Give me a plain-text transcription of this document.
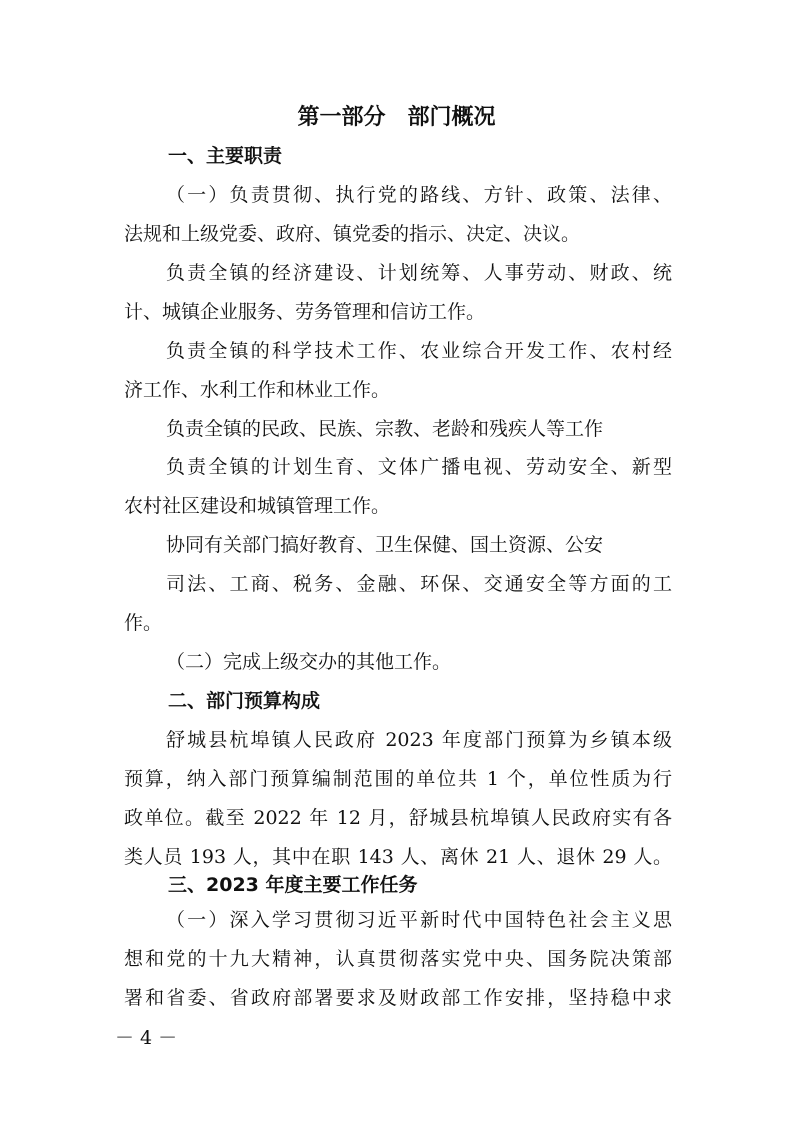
第一部分　部门概况
一、主要职责
（一）负责贯彻、执行党的路线、方针、政策、法律、
法规和上级党委、政府、镇党委的指示、决定、决议。
负责全镇的经济建设、计划统筹、人事劳动、财政、统
计、城镇企业服务、劳务管理和信访工作。
负责全镇的科学技术工作、农业综合开发工作、农村经
济工作、水利工作和林业工作。
负责全镇的民政、民族、宗教、老龄和残疾人等工作
负责全镇的计划生育、文体广播电视、劳动安全、新型
农村社区建设和城镇管理工作。
协同有关部门搞好教育、卫生保健、国土资源、公安
司法、工商、税务、金融、环保、交通安全等方面的工
作。
（二）完成上级交办的其他工作。
二、部门预算构成
舒城县杭埠镇人民政府 2023 年度部门预算为乡镇本级
预算，纳入部门预算编制范围的单位共 1 个，单位性质为行
政单位。截至 2022 年 12 月，舒城县杭埠镇人民政府实有各
类人员 193 人，其中在职 143 人、离休 21 人、退休 29 人。
三、2023 年度主要工作任务
（一）深入学习贯彻习近平新时代中国特色社会主义思
想和党的十九大精神，认真贯彻落实党中央、国务院决策部
署和省委、省政府部署要求及财政部工作安排，坚持稳中求
－ 4 －
